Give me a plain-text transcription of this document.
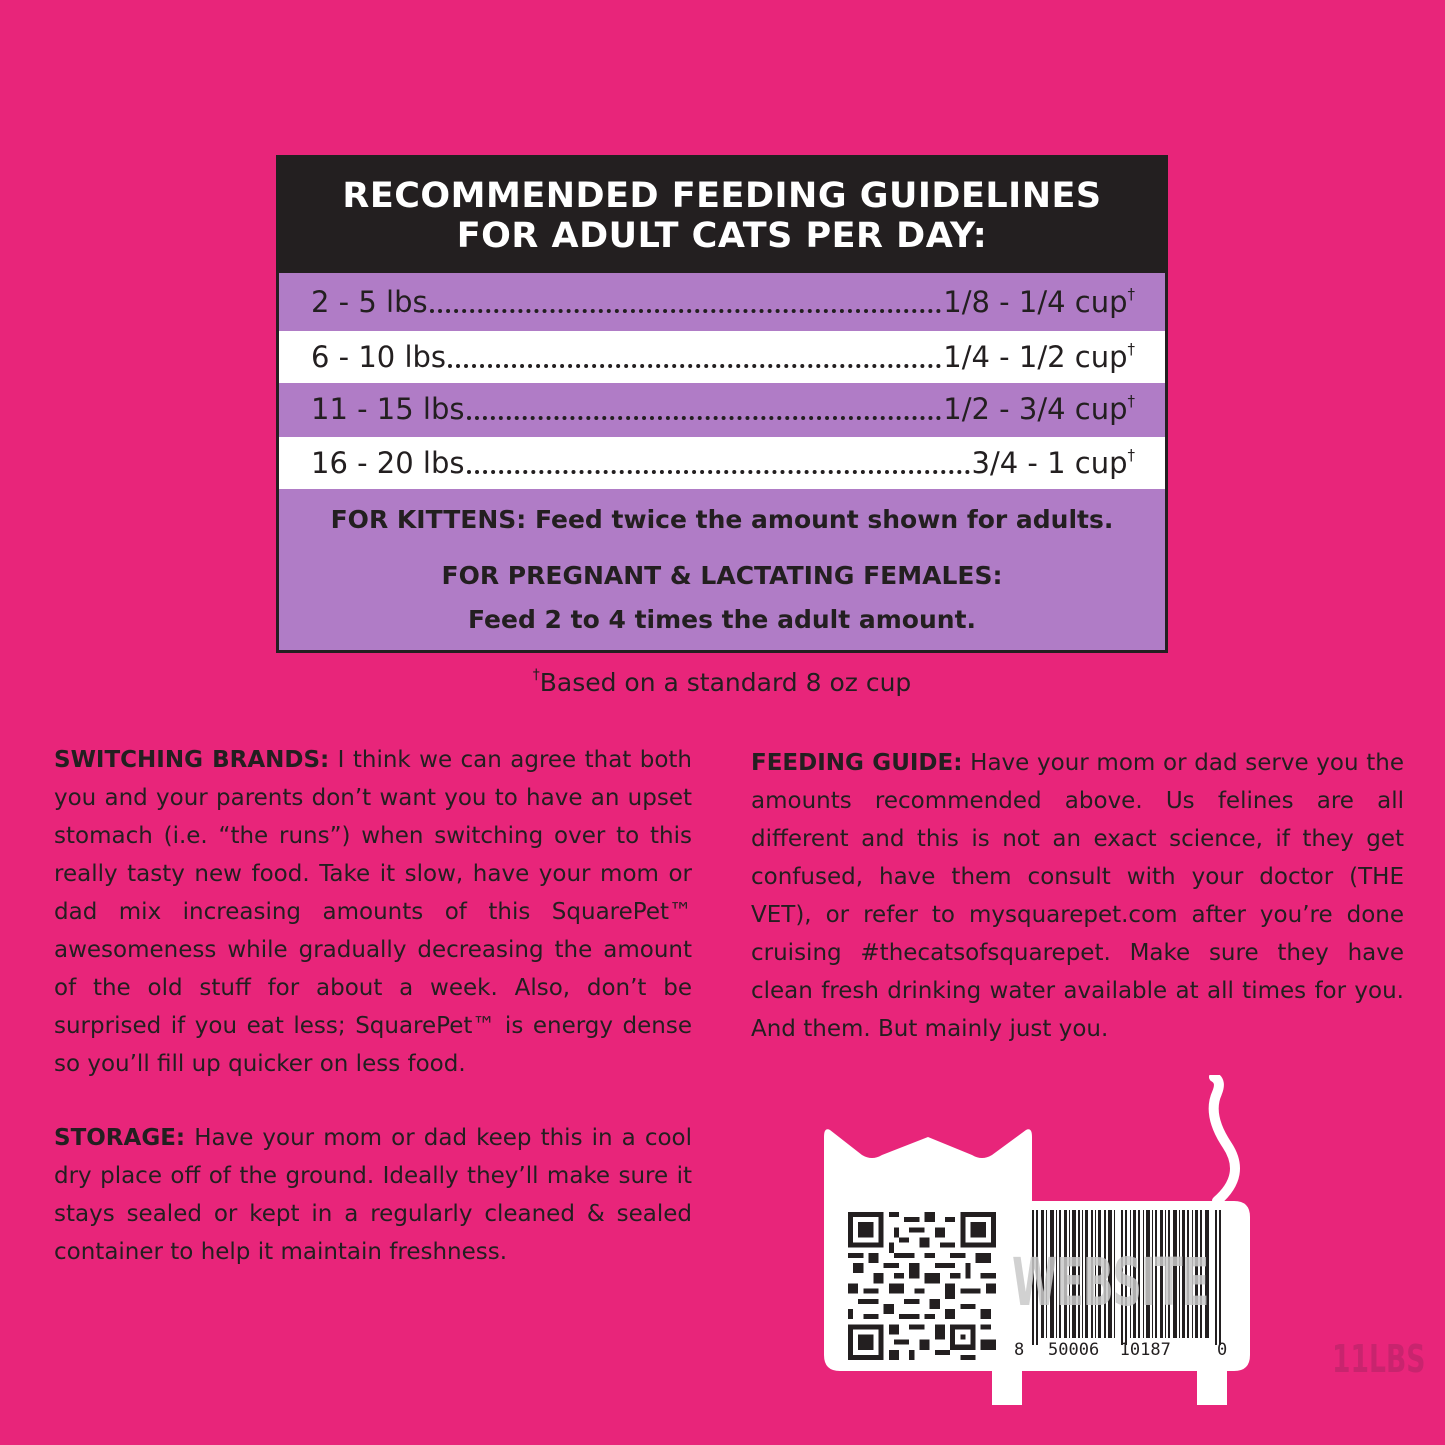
RECOMMENDED FEEDING GUIDELINES
FOR ADULT CATS PER DAY:
2 - 5 lbs	1/8 - 1/4 cup†
6 - 10 lbs	1/4 - 1/2 cup†
11 - 15 lbs	1/2 - 3/4 cup†
16 - 20 lbs	3/4 - 1 cup†
FOR KITTENS: Feed twice the amount shown for adults.
FOR PREGNANT & LACTATING FEMALES:
Feed 2 to 4 times the adult amount.
†Based on a standard 8 oz cup
SWITCHING BRANDS: I think we can agree that both you and your parents don’t want you to have an upset stomach (i.e. “the runs”) when switching over to this really tasty new food. Take it slow, have your mom or dad mix increasing amounts of this SquarePet™ awesomeness while gradually decreasing the amount of the old stuff for about a week. Also, don’t be surprised if you eat less; SquarePet™ is energy dense so you’ll fill up quicker on less food.
STORAGE: Have your mom or dad keep this in a cool dry place off of the ground. Ideally they’ll make sure it stays sealed or kept in a regularly cleaned & sealed container to help it maintain freshness.
FEEDING GUIDE: Have your mom or dad serve you the amounts recommended above. Us felines are all different and this is not an exact science, if they get confused, have them consult with your doctor (THE VET), or refer to mysquarepet.com after you’re done cruising #thecatsofsquarepet. Make sure they have clean fresh drinking water available at all times for you. And them. But mainly just you.
8 50006  10187	0
WEBSITE
11LBS
